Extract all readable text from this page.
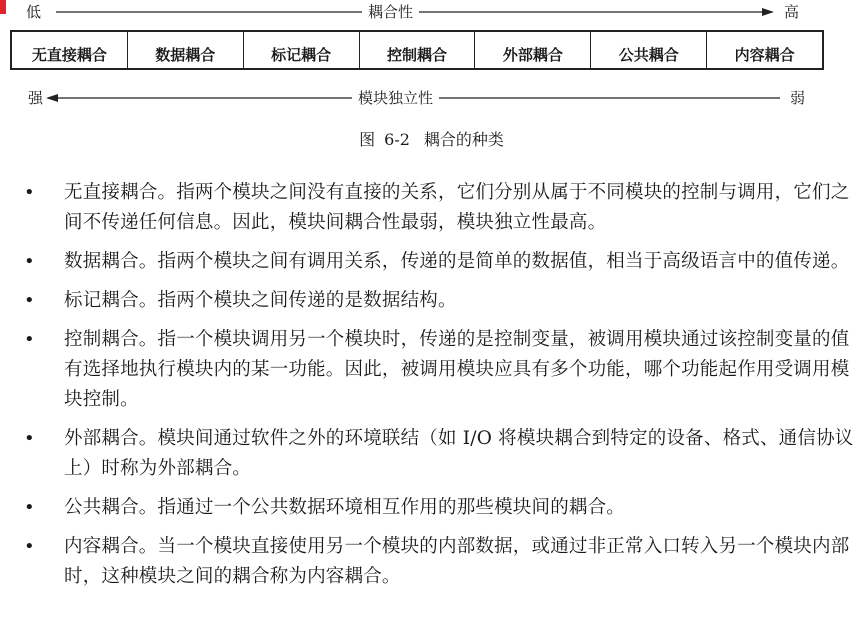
低	耦合性	高
无直接耦合	数据耦合	标记耦合	控制耦合	外部耦合	公共耦合	内容耦合
强	模块独立性	弱
图 6-2 耦合的种类
• 无直接耦合。指两个模块之间没有直接的关系，它们分别从属于不同模块的控制与调用，它们之间不传递任何信息。因此，模块间耦合性最弱，模块独立性最高。
• 数据耦合。指两个模块之间有调用关系，传递的是简单的数据值，相当于高级语言中的值传递。
• 标记耦合。指两个模块之间传递的是数据结构。
• 控制耦合。指一个模块调用另一个模块时，传递的是控制变量，被调用模块通过该控制变量的值有选择地执行模块内的某一功能。因此，被调用模块应具有多个功能，哪个功能起作用受调用模块控制。
• 外部耦合。模块间通过软件之外的环境联结（如 I/O 将模块耦合到特定的设备、格式、通信协议上）时称为外部耦合。
• 公共耦合。指通过一个公共数据环境相互作用的那些模块间的耦合。
• 内容耦合。当一个模块直接使用另一个模块的内部数据，或通过非正常入口转入另一个模块内部时，这种模块之间的耦合称为内容耦合。
